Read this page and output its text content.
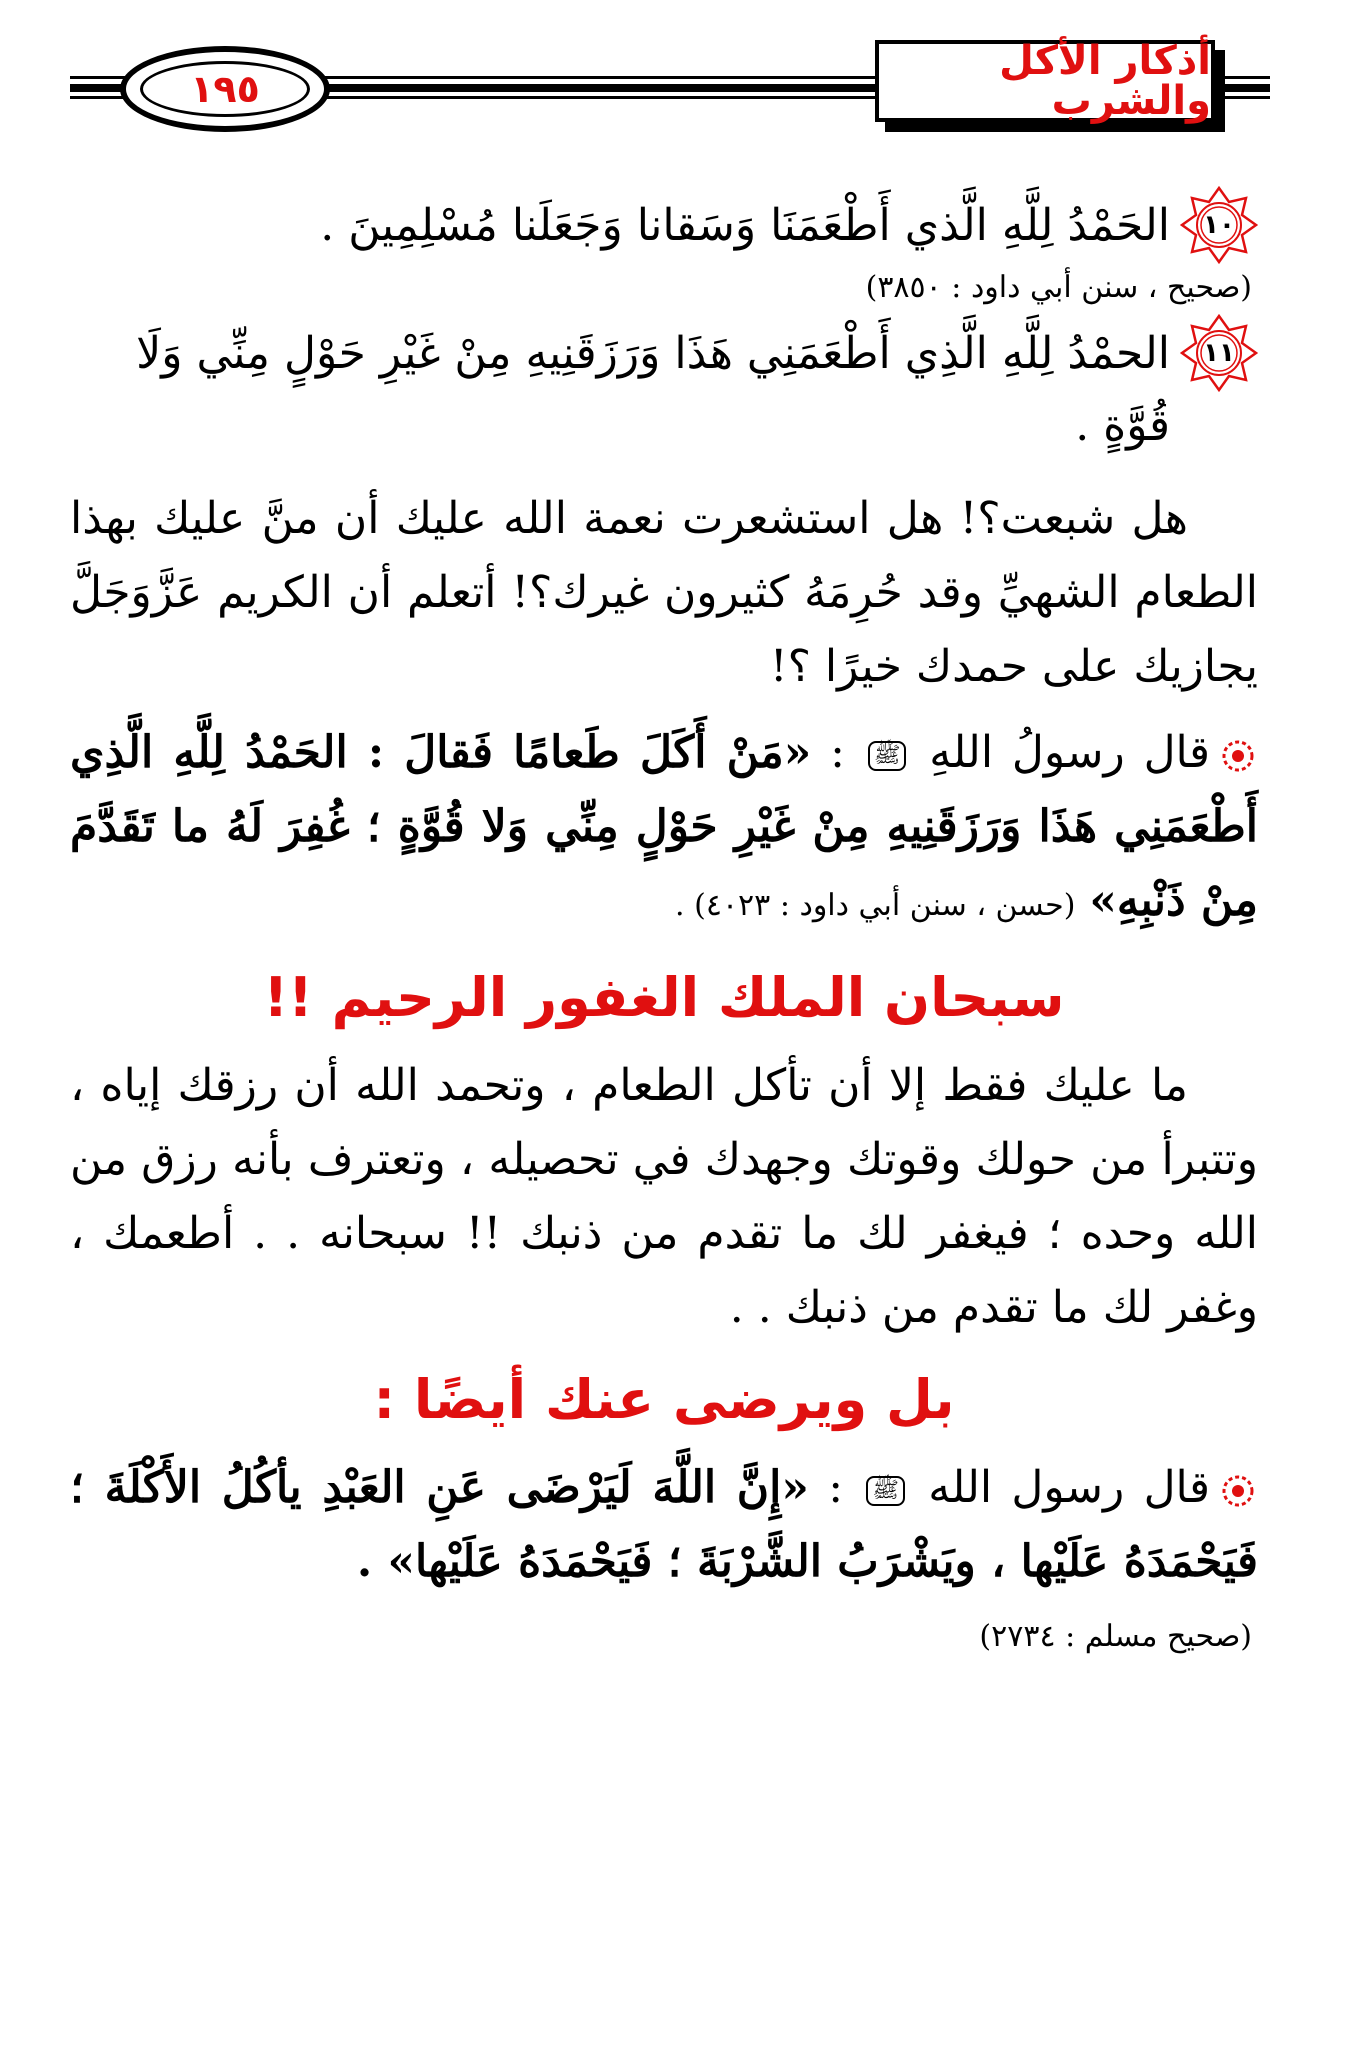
١٩٥
أذكار الأكل والشرب
١٠
الحَمْدُ لِلَّهِ الَّذي أَطْعَمَنَا وَسَقانا وَجَعَلَنا مُسْلِمِينَ .
(صحيح ، سنن أبي داود : ٣٨٥٠)
١١
الحمْدُ لِلَّهِ الَّذِي أَطْعَمَنِي هَذَا وَرَزَقَنِيهِ مِنْ غَيْرِ حَوْلٍ مِنِّي وَلَا قُوَّةٍ .

هل شبعت؟! هل استشعرت نعمة الله عليك أن منَّ عليك بهذا الطعام الشهيِّ وقد حُرِمَهُ كثيرون غيرك؟! أتعلم أن الكريم عَزَّوَجَلَّ يجازيك على حمدك خيرًا ؟!

قال رسولُ اللهِ ﷺ : «مَنْ أَكَلَ طَعامًا فَقالَ : الحَمْدُ لِلَّهِ الَّذِي أَطْعَمَنِي هَذَا وَرَزَقَنِيهِ مِنْ غَيْرِ حَوْلٍ مِنِّي وَلا قُوَّةٍ ؛ غُفِرَ لَهُ ما تَقَدَّمَ مِنْ ذَنْبِهِ» (حسن ، سنن أبي داود : ٤٠٢٣) .

سبحان الملك الغفور الرحيم !!

ما عليك فقط إلا أن تأكل الطعام ، وتحمد الله أن رزقك إياه ، وتتبرأ من حولك وقوتك وجهدك في تحصيله ، وتعترف بأنه رزق من الله وحده ؛ فيغفر لك ما تقدم من ذنبك !! سبحانه . . أطعمك ، وغفر لك ما تقدم من ذنبك . .

بل ويرضى عنك أيضًا :

قال رسول الله ﷺ : «إِنَّ اللَّهَ لَيَرْضَى عَنِ العَبْدِ يأكُلُ الأَكْلَةَ ؛ فَيَحْمَدَهُ عَلَيْها ، ويَشْرَبُ الشَّرْبَةَ ؛ فَيَحْمَدَهُ عَلَيْها» .

(صحيح مسلم : ٢٧٣٤)
